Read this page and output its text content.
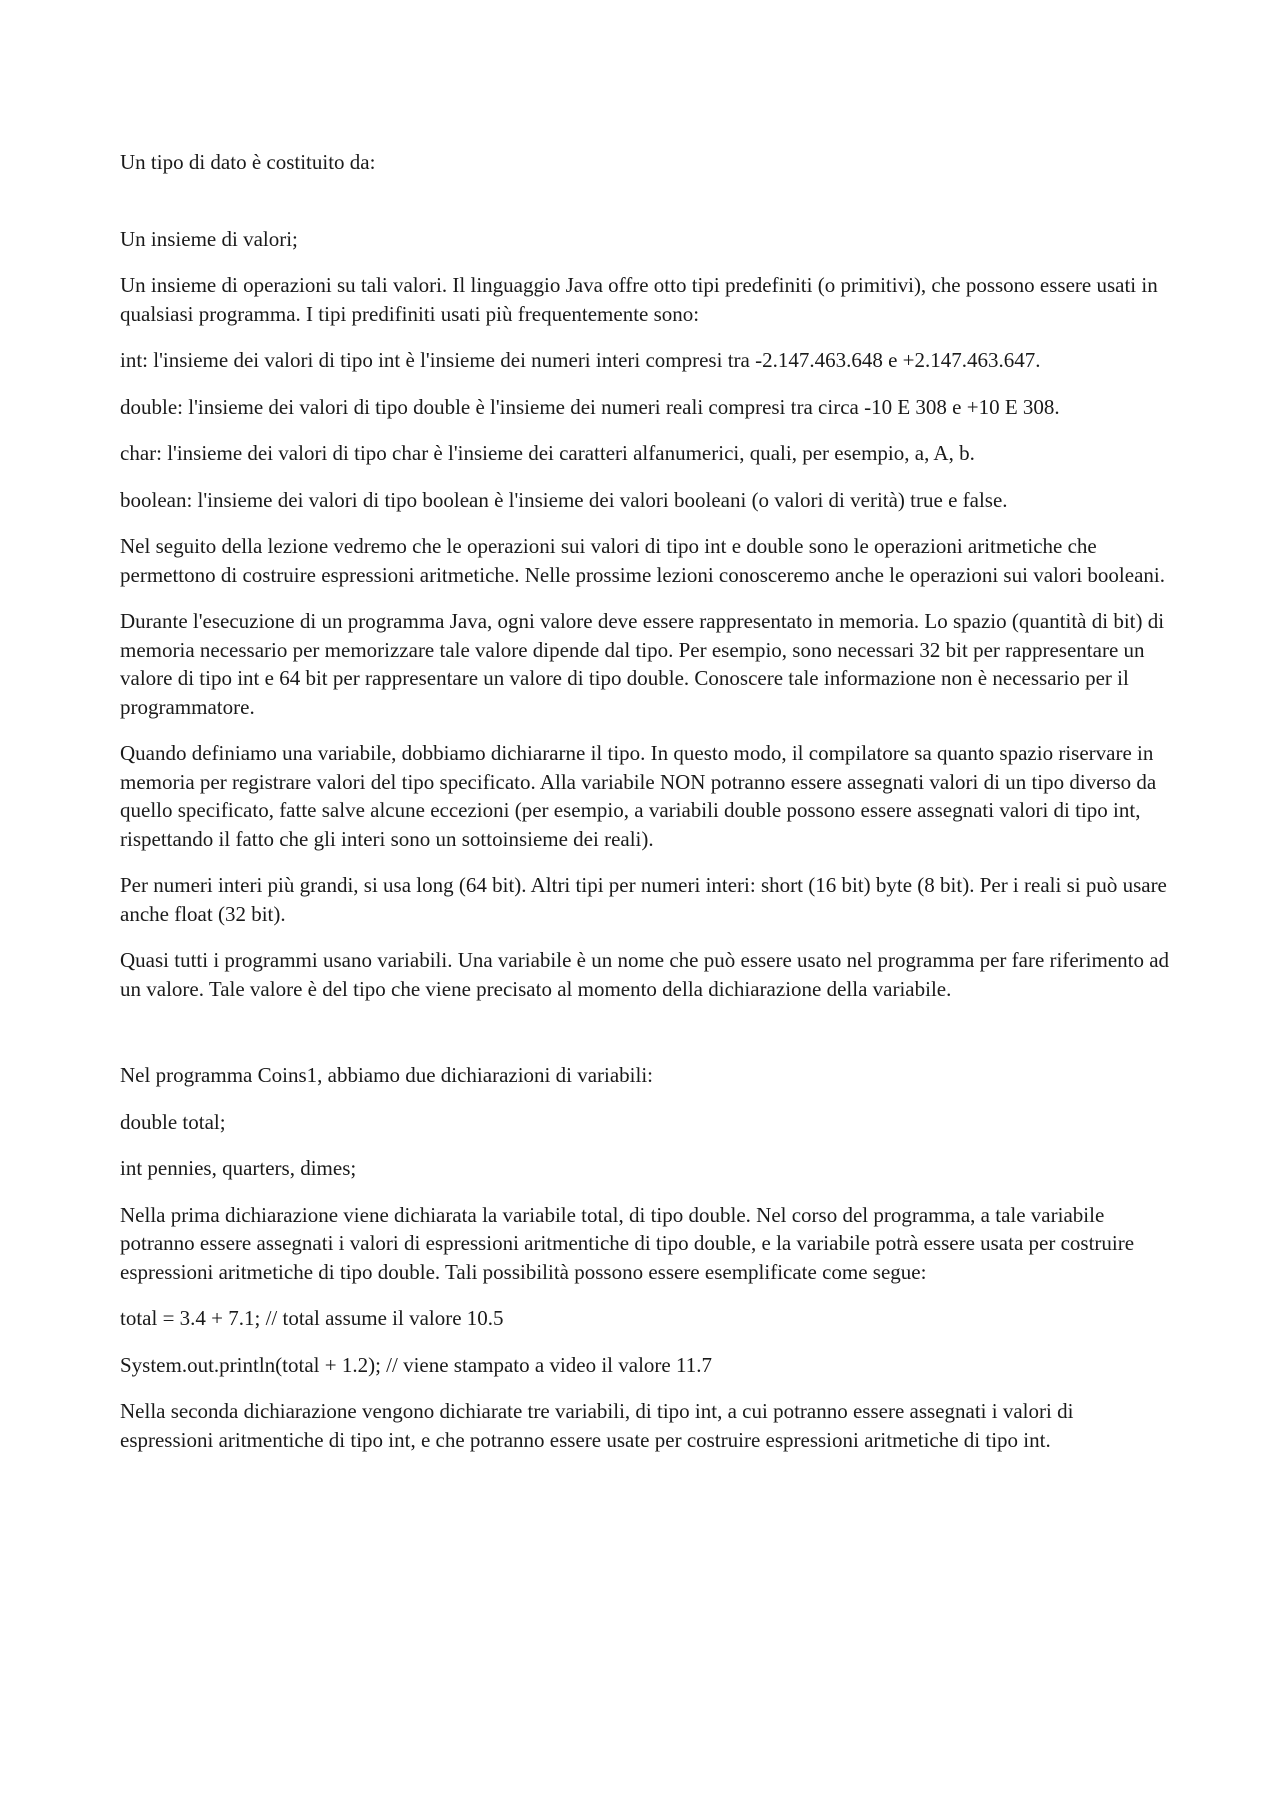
Un tipo di dato è costituito da:

Un insieme di valori;

Un insieme di operazioni su tali valori. Il linguaggio Java offre otto tipi predefiniti (o primitivi), che possono essere usati in qualsiasi programma. I tipi predifiniti usati più frequentemente sono:

int: l'insieme dei valori di tipo int è l'insieme dei numeri interi compresi tra -2.147.463.648 e +2.147.463.647.

double: l'insieme dei valori di tipo double è l'insieme dei numeri reali compresi tra circa -10 E 308 e +10 E 308.

char: l'insieme dei valori di tipo char è l'insieme dei caratteri alfanumerici, quali, per esempio, a, A, b.

boolean: l'insieme dei valori di tipo boolean è l'insieme dei valori booleani (o valori di verità) true e false.

Nel seguito della lezione vedremo che le operazioni sui valori di tipo int e double sono le operazioni aritmetiche che permettono di costruire espressioni aritmetiche. Nelle prossime lezioni conosceremo anche le operazioni sui valori booleani.

Durante l'esecuzione di un programma Java, ogni valore deve essere rappresentato in memoria. Lo spazio (quantità di bit) di memoria necessario per memorizzare tale valore dipende dal tipo. Per esempio, sono necessari 32 bit per rappresentare un valore di tipo int e 64 bit per rappresentare un valore di tipo double. Conoscere tale informazione non è necessario per il programmatore.

Quando definiamo una variabile, dobbiamo dichiararne il tipo. In questo modo, il compilatore sa quanto spazio riservare in memoria per registrare valori del tipo specificato. Alla variabile NON potranno essere assegnati valori di un tipo diverso da quello specificato, fatte salve alcune eccezioni (per esempio, a variabili double possono essere assegnati valori di tipo int, rispettando il fatto che gli interi sono un sottoinsieme dei reali).

Per numeri interi più grandi, si usa long (64 bit). Altri tipi per numeri interi: short (16 bit) byte (8 bit). Per i reali si può usare anche float (32 bit).

Quasi tutti i programmi usano variabili. Una variabile è un nome che può essere usato nel programma per fare riferimento ad un valore. Tale valore è del tipo che viene precisato al momento della dichiarazione della variabile.

Nel programma Coins1, abbiamo due dichiarazioni di variabili:

double total;

int pennies, quarters, dimes;

Nella prima dichiarazione viene dichiarata la variabile total, di tipo double. Nel corso del programma, a tale variabile potranno essere assegnati i valori di espressioni aritmentiche di tipo double, e la variabile potrà essere usata per costruire espressioni aritmetiche di tipo double. Tali possibilità possono essere esemplificate come segue:

total = 3.4 + 7.1; // total assume il valore 10.5

System.out.println(total + 1.2); // viene stampato a video il valore 11.7

Nella seconda dichiarazione vengono dichiarate tre variabili, di tipo int, a cui potranno essere assegnati i valori di espressioni aritmentiche di tipo int, e che potranno essere usate per costruire espressioni aritmetiche di tipo int.
